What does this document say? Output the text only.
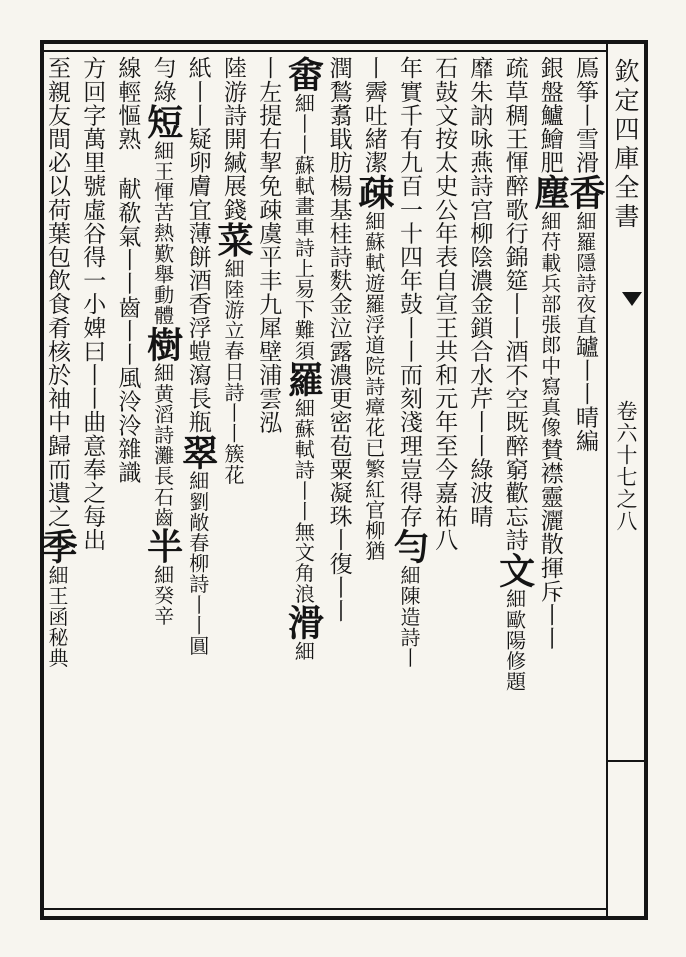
欽定四庫全書
卷六十七之八
鳫筝丨雪滑香細羅隱詩夜直罏丨丨晴編
銀盤鱸鱠肥塵細苻載兵部張郎中寫真像賛襟靈灑散揮斥丨丨
疏草稠王惲醉歌行錦筵丨丨酒不空既醉窮歡忘詩文細歐陽修題
靡朱訥咏燕詩宫柳陰濃金鎖合水芹丨丨綠波晴
石鼔文按太史公年表自宣王共和元年至今嘉祐八
年實千有九百一十四年鼔丨丨而刻淺理豈得存勻細陳造詩丨
丨霽吐緒潔疎細蘇軾遊羅浮道院詩瘴花已繁紅官柳猶
潤鶖翥戢肪楊基桂詩麩金泣露濃更密苞粟凝珠丨復丨丨
畬細丨丨蘇軾畫車詩上易下難須羅細蘇軾詩丨丨無文角浪滑細
丨左提右挈免疎虞平丰九犀壁浦雲泓
陸游詩開緘展錢菜細陸游立春日詩丨丨簇花
紙丨丨疑卵膚宜薄餅酒香浮螘瀉長瓶翠細劉敞春柳詩丨丨圓
勻綠短細王惲苦熱歎舉動體樹細黄滔詩灘長石齒半細癸辛
線輕慪熟 献欷氣丨丨齒丨丨風泠泠雜識
方回字萬里號虛谷得一小婢曰丨丨曲意奉之每出
至親友間必以荷葉包飲食肴核於袖中歸而遺之季細王函秘典
